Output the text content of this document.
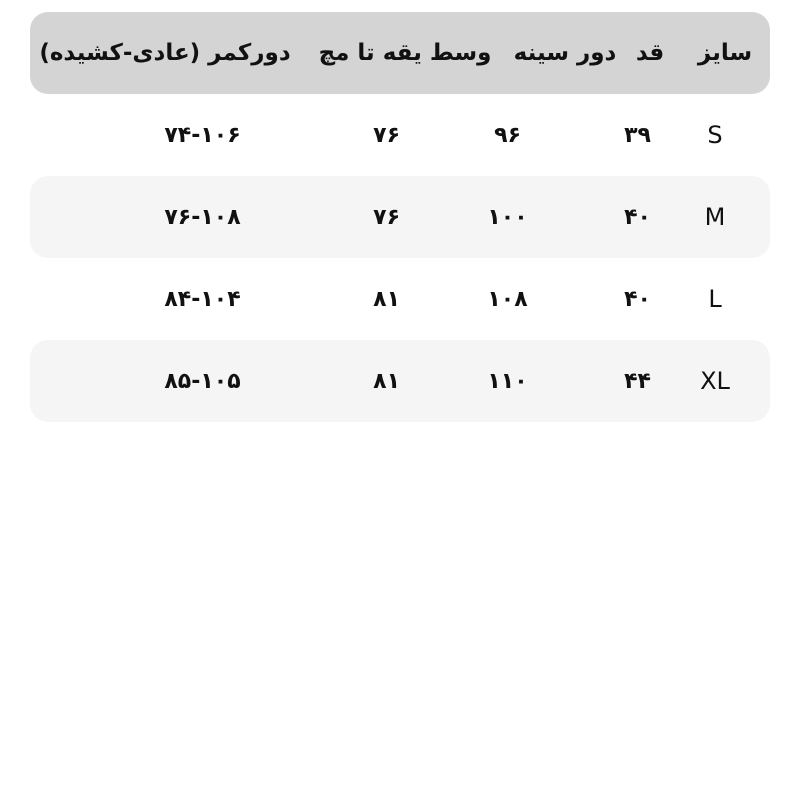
سایز
قد
دور سینه
وسط یقه تا مچ
دورکمر (عادی-کشیده)
S
۳۹
۹۶
۷۶
۷۴-۱۰۶
M
۴۰
۱۰۰
۷۶
۷۶-۱۰۸
L
۴۰
۱۰۸
۸۱
۸۴-۱۰۴
XL
۴۴
۱۱۰
۸۱
۸۵-۱۰۵
